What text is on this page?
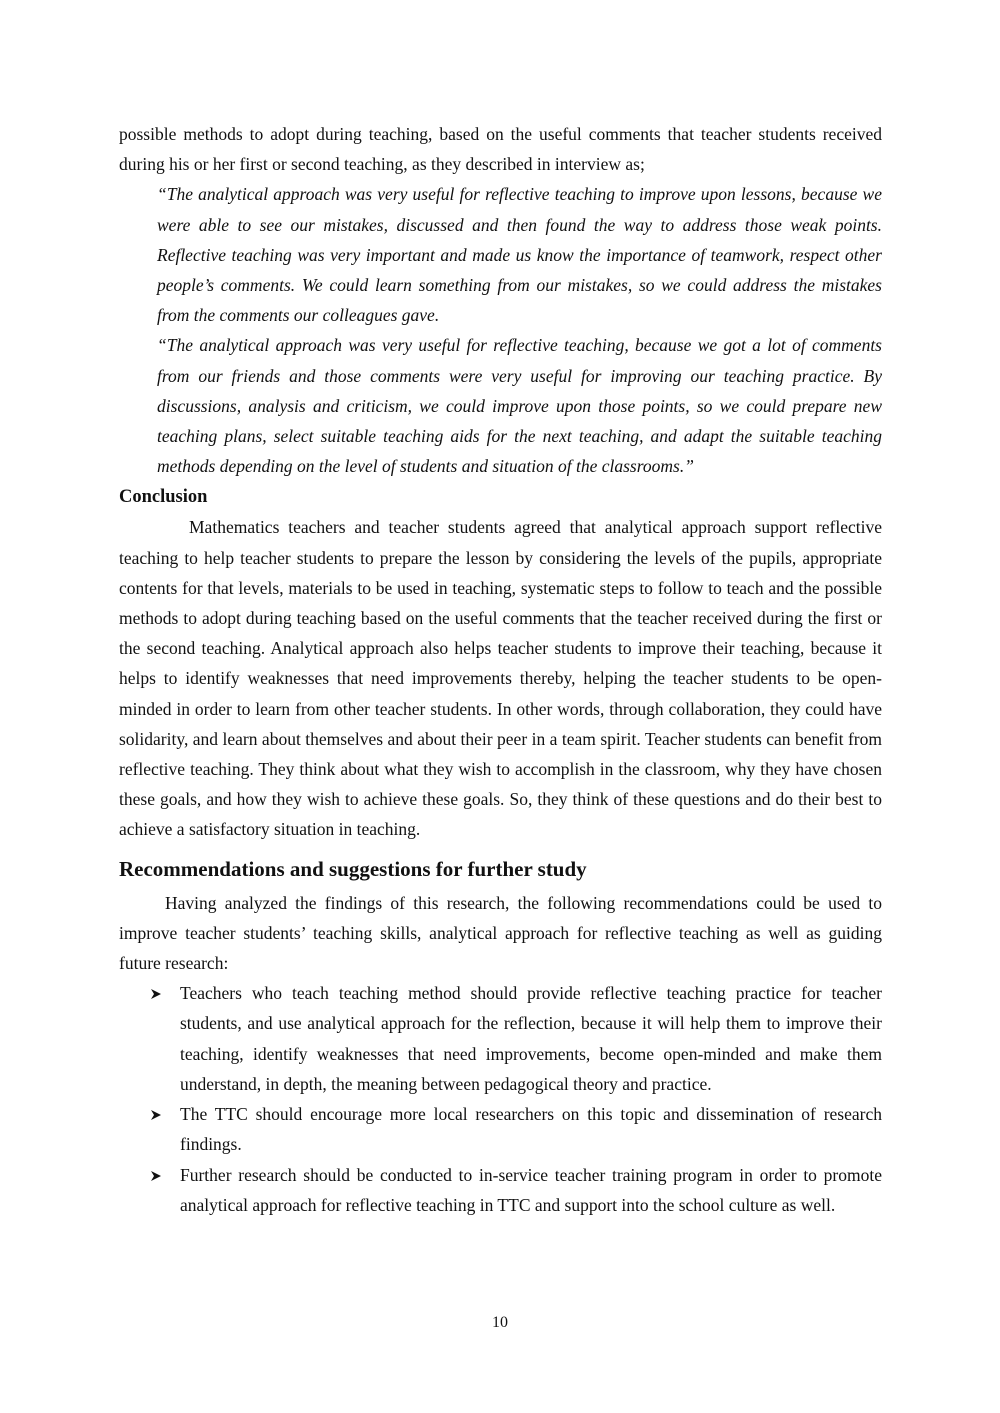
possible methods to adopt during teaching, based on the useful comments that teacher students received during his or her first or second teaching, as they described in interview as;

“The analytical approach was very useful for reflective teaching to improve upon lessons, because we were able to see our mistakes, discussed and then found the way to address those weak points. Reflective teaching was very important and made us know the importance of teamwork, respect other people’s comments. We could learn something from our mistakes, so we could address the mistakes from the comments our colleagues gave.

“The analytical approach was very useful for reflective teaching, because we got a lot of comments from our friends and those comments were very useful for improving our teaching practice. By discussions, analysis and criticism, we could improve upon those points, so we could prepare new teaching plans, select suitable teaching aids for the next teaching, and adapt the suitable teaching methods depending on the level of students and situation of the classrooms.”

Conclusion

Mathematics teachers and teacher students agreed that analytical approach support reflective teaching to help teacher students to prepare the lesson by considering the levels of the pupils, appropriate contents for that levels, materials to be used in teaching, systematic steps to follow to teach and the possible methods to adopt during teaching based on the useful comments that the teacher received during the first or the second teaching. Analytical approach also helps teacher students to improve their teaching, because it helps to identify weaknesses that need improvements thereby, helping the teacher students to be open-minded in order to learn from other teacher students. In other words, through collaboration, they could have solidarity, and learn about themselves and about their peer in a team spirit. Teacher students can benefit from reflective teaching. They think about what they wish to accomplish in the classroom, why they have chosen these goals, and how they wish to achieve these goals. So, they think of these questions and do their best to achieve a satisfactory situation in teaching.

Recommendations and suggestions for further study

Having analyzed the findings of this research, the following recommendations could be used to improve teacher students’ teaching skills, analytical approach for reflective teaching as well as guiding future research:

Teachers who teach teaching method should provide reflective teaching practice for teacher students, and use analytical approach for the reflection, because it will help them to improve their teaching, identify weaknesses that need improvements, become open-minded and make them understand, in depth, the meaning between pedagogical theory and practice.
The TTC should encourage more local researchers on this topic and dissemination of research findings.
Further research should be conducted to in-service teacher training program in order to promote analytical approach for reflective teaching in TTC and support into the school culture as well.
10
